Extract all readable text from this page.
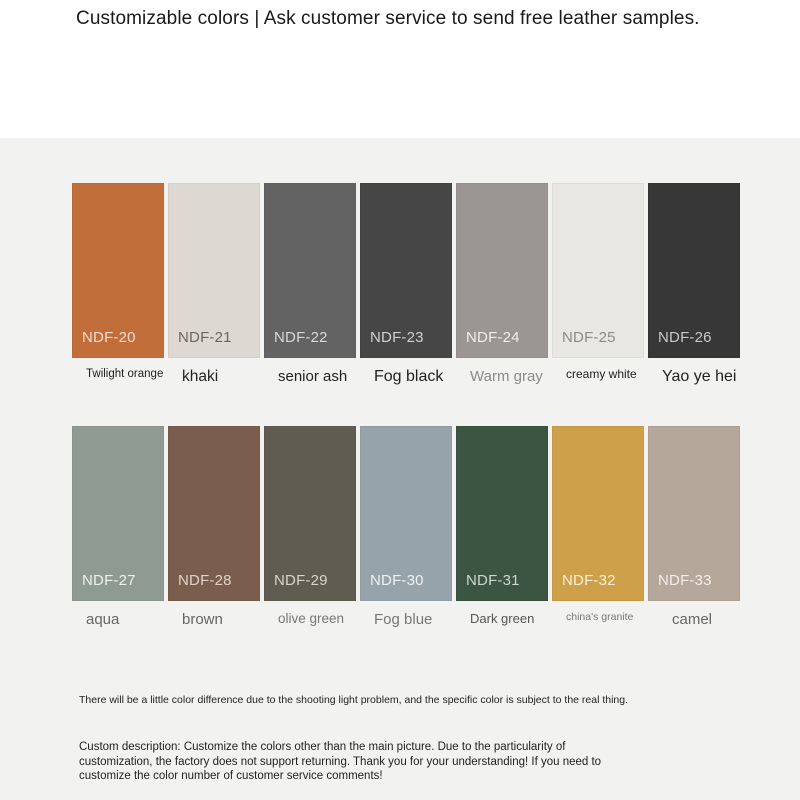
Customizable colors | Ask customer service to send free leather samples.
NDF-20
Twilight orange
NDF-21
khaki
NDF-22
senior ash
NDF-23
Fog black
NDF-24
Warm gray
NDF-25
creamy white
NDF-26
Yao ye hei
NDF-27
aqua
NDF-28
brown
NDF-29
olive green
NDF-30
Fog blue
NDF-31
Dark green
NDF-32
china's granite
NDF-33
camel

There will be a little color difference due to the shooting light problem, and the specific color is subject to the real thing.

Custom description: Customize the colors other than the main picture. Due to the particularity of customization, the factory does not support returning. Thank you for your understanding! If you need to customize the color number of customer service comments!
